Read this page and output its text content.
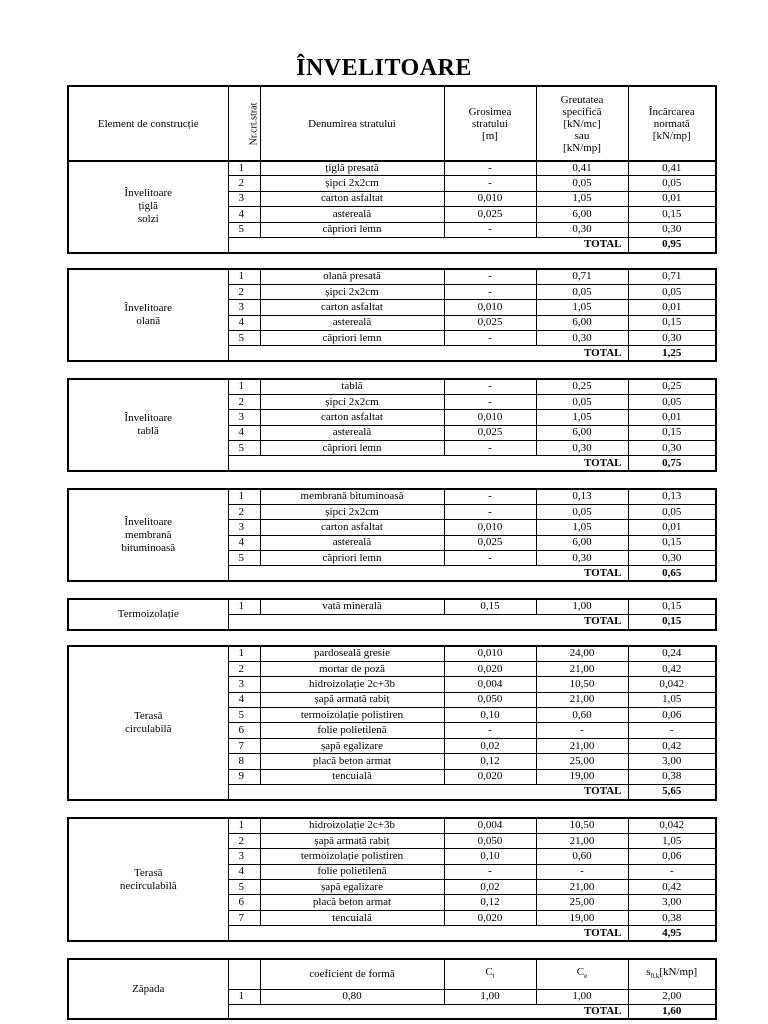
ÎNVELITOARE
Element de construcție	Nr.crt.strat	Denumirea stratului	Grosimea
stratului
[m]	Greutatea
specifică
[kN/mc]
sau
[kN/mp]	Încărcarea
normată
[kN/mp]
Învelitoare
țiglă
solzi	1	țiglă presată	-	0,41	0,41
	2	șipci 2x2cm	-	0,05	0,05
	3	carton asfaltat	0,010	1,05	0,01
	4	astereală	0,025	6,00	0,15
	5	căpriori lemn	-	0,30	0,30
	TOTAL				0,95
Învelitoare
olană	1	olană presată	-	0,71	0,71
	2	șipci 2x2cm	-	0,05	0,05
	3	carton asfaltat	0,010	1,05	0,01
	4	astereală	0,025	6,00	0,15
	5	căpriori lemn	-	0,30	0,30
	TOTAL				1,25
Învelitoare
tablă	1	tablă	-	0,25	0,25
	2	șipci 2x2cm	-	0,05	0,05
	3	carton asfaltat	0,010	1,05	0,01
	4	astereală	0,025	6,00	0,15
	5	căpriori lemn	-	0,30	0,30
	TOTAL				0,75
Învelitoare
membrană
bituminoasă	1	membrană bituminoasă	-	0,13	0,13
	2	șipci 2x2cm	-	0,05	0,05
	3	carton asfaltat	0,010	1,05	0,01
	4	astereală	0,025	6,00	0,15
	5	căpriori lemn	-	0,30	0,30
	TOTAL				0,65
Termoizolație	1	vată minerală	0,15	1,00	0,15
	TOTAL				0,15
Terasă
circulabilă	1	pardoseală gresie	0,010	24,00	0,24
	2	mortar de poză	0,020	21,00	0,42
	3	hidroizolație 2c+3b	0,004	10,50	0,042
	4	șapă armată rabiț	0,050	21,00	1,05
	5	termoizolație polistiren	0,10	0,60	0,06
	6	folie polietilenă	-	-	-
	7	șapă egalizare	0,02	21,00	0,42
	8	placă beton armat	0,12	25,00	3,00
	9	tencuială	0,020	19,00	0,38
	TOTAL				5,65
Terasă
necirculabilă	1	hidroizolație 2c+3b	0,004	10,50	0,042
	2	șapă armată rabiț	0,050	21,00	1,05
	3	termoizolație polistiren	0,10	0,60	0,06
	4	folie polietilenă	-	-	-
	5	șapă egalizare	0,02	21,00	0,42
	6	placă beton armat	0,12	25,00	3,00
	7	tencuială	0,020	19,00	0,38
	TOTAL				4,95
Zăpada		coeficient de formă	$C_t$	$C_e$	$s_{0,k}[kN/mp]$
	1	0,80	1,00	1,00	2,00
	TOTAL				1,60
